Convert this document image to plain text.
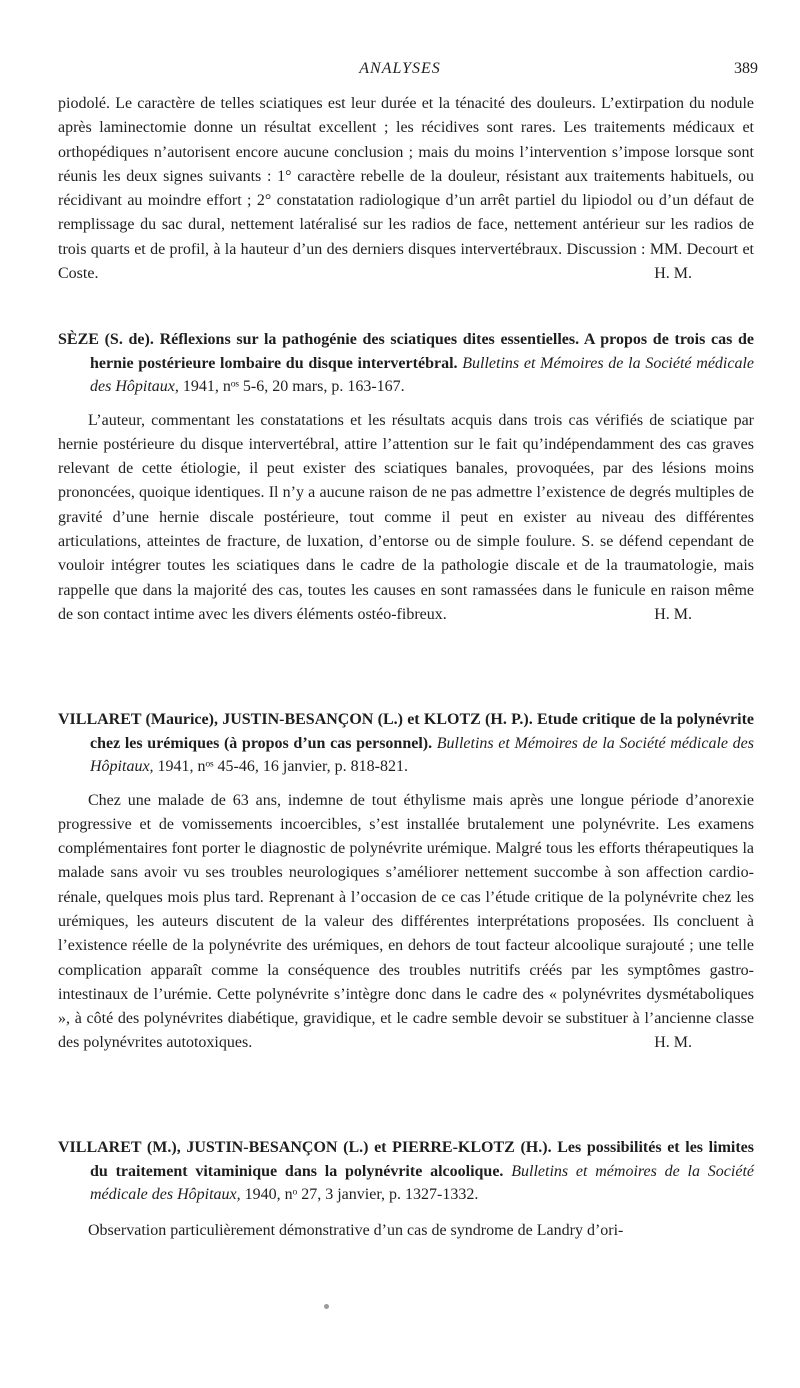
ANALYSES	389

piodolé. Le caractère de telles sciatiques est leur durée et la ténacité des douleurs. L’extirpation du nodule après laminectomie donne un résultat excellent ; les récidives sont rares. Les traitements médicaux et orthopédiques n’autorisent encore aucune conclusion ; mais du moins l’intervention s’impose lorsque sont réunis les deux signes suivants : 1° caractère rebelle de la douleur, résistant aux traitements habituels, ou récidivant au moindre effort ; 2° constatation radiologique d’un arrêt partiel du lipiodol ou d’un défaut de remplissage du sac dural, nettement latéralisé sur les radios de face, nettement antérieur sur les radios de trois quarts et de profil, à la hauteur d’un des derniers disques intervertébraux. Discussion : MM. Decourt et Coste.	H. M.

SÈZE (S. de). Réflexions sur la pathogénie des sciatiques dites essentielles. A propos de trois cas de hernie postérieure lombaire du disque intervertébral. Bulletins et Mémoires de la Société médicale des Hôpitaux, 1941, nᵒˢ 5-6, 20 mars, p. 163-167.

L’auteur, commentant les constatations et les résultats acquis dans trois cas vérifiés de sciatique par hernie postérieure du disque intervertébral, attire l’attention sur le fait qu’indépendamment des cas graves relevant de cette étiologie, il peut exister des sciatiques banales, provoquées, par des lésions moins prononcées, quoique identiques. Il n’y a aucune raison de ne pas admettre l’existence de degrés multiples de gravité d’une hernie discale postérieure, tout comme il peut en exister au niveau des différentes articulations, atteintes de fracture, de luxation, d’entorse ou de simple foulure. S. se défend cependant de vouloir intégrer toutes les sciatiques dans le cadre de la pathologie discale et de la traumatologie, mais rappelle que dans la majorité des cas, toutes les causes en sont ramassées dans le funicule en raison même de son contact intime avec les divers éléments ostéo-fibreux.	H. M.

VILLARET (Maurice), JUSTIN-BESANÇON (L.) et KLOTZ (H. P.). Etude critique de la polynévrite chez les urémiques (à propos d’un cas personnel). Bulletins et Mémoires de la Société médicale des Hôpitaux, 1941, nᵒˢ 45-46, 16 janvier, p. 818-821.

Chez une malade de 63 ans, indemne de tout éthylisme mais après une longue période d’anorexie progressive et de vomissements incoercibles, s’est installée brutalement une polynévrite. Les examens complémentaires font porter le diagnostic de polynévrite urémique. Malgré tous les efforts thérapeutiques la malade sans avoir vu ses troubles neurologiques s’améliorer nettement succombe à son affection cardio-rénale, quelques mois plus tard. Reprenant à l’occasion de ce cas l’étude critique de la polynévrite chez les urémiques, les auteurs discutent de la valeur des différentes interprétations proposées. Ils concluent à l’existence réelle de la polynévrite des urémiques, en dehors de tout facteur alcoolique surajouté ; une telle complication apparaît comme la conséquence des troubles nutritifs créés par les symptômes gastro-intestinaux de l’urémie. Cette polynévrite s’intègre donc dans le cadre des « polynévrites dysmétaboliques », à côté des polynévrites diabétique, gravidique, et le cadre semble devoir se substituer à l’ancienne classe des polynévrites autotoxiques.	H. M.

VILLARET (M.), JUSTIN-BESANÇON (L.) et PIERRE-KLOTZ (H.). Les possibilités et les limites du traitement vitaminique dans la polynévrite alcoolique. Bulletins et mémoires de la Société médicale des Hôpitaux, 1940, nᵒ 27, 3 janvier, p. 1327-1332.

Observation particulièrement démonstrative d’un cas de syndrome de Landry d’ori-
